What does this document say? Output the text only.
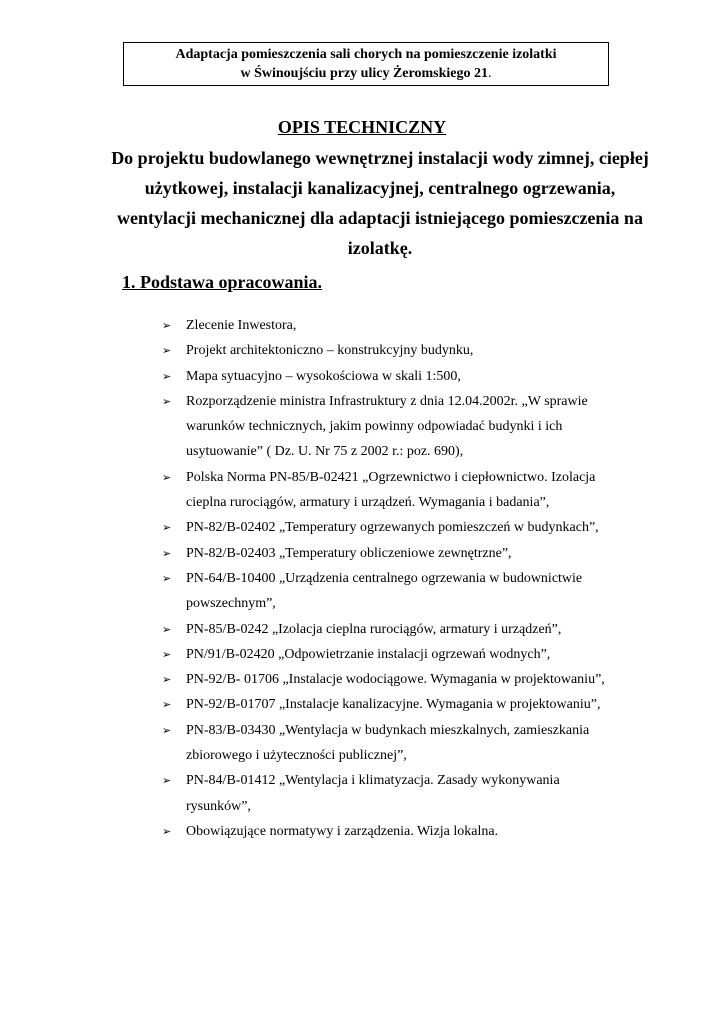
Adaptacja pomieszczenia sali chorych na pomieszczenie izolatki
w Świnoujściu przy ulicy Żeromskiego 21.
OPIS TECHNICZNY
Do projektu budowlanego wewnętrznej instalacji wody zimnej, ciepłej
użytkowej, instalacji kanalizacyjnej, centralnego ogrzewania,
wentylacji mechanicznej dla adaptacji istniejącego pomieszczenia na
izolatkę.
1. Podstawa opracowania.
➢ Zlecenie Inwestora,
➢ Projekt architektoniczno – konstrukcyjny budynku,
➢ Mapa sytuacyjno – wysokościowa w skali 1:500,
➢ Rozporządzenie ministra Infrastruktury z dnia 12.04.2002r. „W sprawie
warunków technicznych, jakim powinny odpowiadać budynki i ich
usytuowanie” ( Dz. U. Nr 75 z 2002 r.: poz. 690),
➢ Polska Norma PN-85/B-02421 „Ogrzewnictwo i ciepłownictwo. Izolacja
cieplna rurociągów, armatury i urządzeń. Wymagania i badania”,
➢ PN-82/B-02402 „Temperatury ogrzewanych pomieszczeń w budynkach”,
➢ PN-82/B-02403 „Temperatury obliczeniowe zewnętrzne”,
➢ PN-64/B-10400 „Urządzenia centralnego ogrzewania w budownictwie
powszechnym”,
➢ PN-85/B-0242 „Izolacja cieplna rurociągów, armatury i urządzeń”,
➢ PN/91/B-02420 „Odpowietrzanie instalacji ogrzewań wodnych”,
➢ PN-92/B- 01706 „Instalacje wodociągowe. Wymagania w projektowaniu”,
➢ PN-92/B-01707 „Instalacje kanalizacyjne. Wymagania w projektowaniu”,
➢ PN-83/B-03430 „Wentylacja w budynkach mieszkalnych, zamieszkania
zbiorowego i użyteczności publicznej”,
➢ PN-84/B-01412 „Wentylacja i klimatyzacja. Zasady wykonywania
rysunków”,
➢ Obowiązujące normatywy i zarządzenia. Wizja lokalna.
